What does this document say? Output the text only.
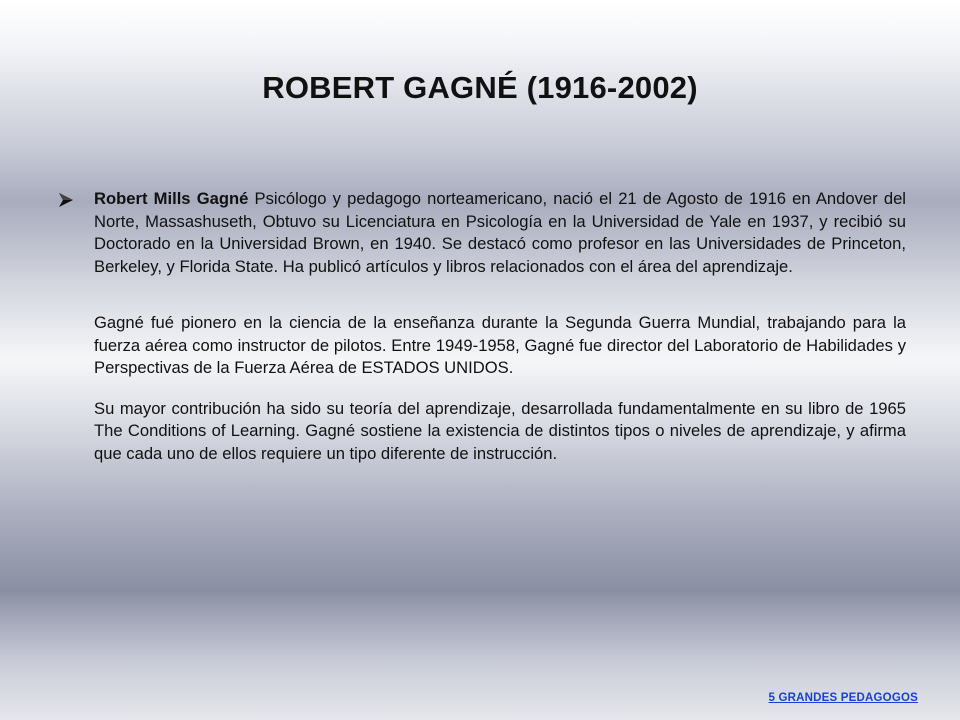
ROBERT GAGNÉ (1916-2002)
Robert Mills Gagné Psicólogo y pedagogo norteamericano, nació el 21 de Agosto de 1916 en Andover del Norte, Massashuseth, Obtuvo su Licenciatura en Psicología en la Universidad de Yale en 1937, y recibió su Doctorado en la Universidad Brown, en 1940. Se destacó como profesor en las Universidades de Princeton, Berkeley, y Florida State. Ha publicó artículos y libros relacionados con el área del aprendizaje.
Gagné fué pionero en la ciencia de la enseñanza durante la Segunda Guerra Mundial, trabajando para la fuerza aérea como instructor de pilotos. Entre 1949-1958, Gagné fue director del Laboratorio de Habilidades y Perspectivas de la Fuerza Aérea de ESTADOS UNIDOS.
Su mayor contribución ha sido su teoría del aprendizaje, desarrollada fundamentalmente en su libro de 1965 The Conditions of Learning. Gagné sostiene la existencia de distintos tipos o niveles de aprendizaje, y afirma que cada uno de ellos requiere un tipo diferente de instrucción.
5 GRANDES PEDAGOGOS
